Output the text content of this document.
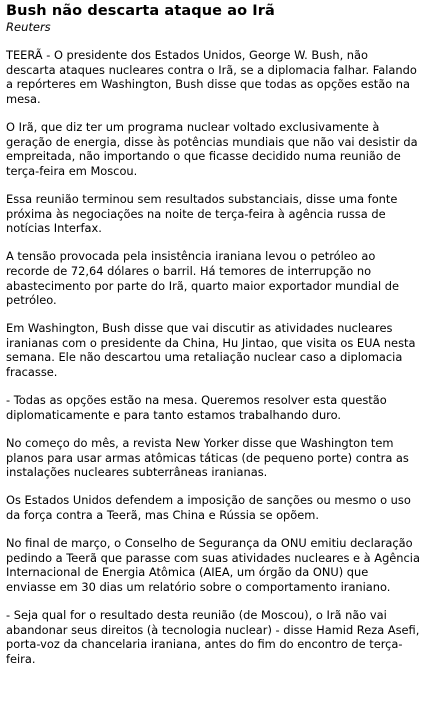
Bush não descarta ataque ao Irã
Reuters

TEERÃ - O presidente dos Estados Unidos, George W. Bush, não descarta ataques nucleares contra o Irã, se a diplomacia falhar. Falando a repórteres em Washington, Bush disse que todas as opções estão na mesa.

O Irã, que diz ter um programa nuclear voltado exclusivamente à geração de energia, disse às potências mundiais que não vai desistir da empreitada, não importando o que ficasse decidido numa reunião de terça-feira em Moscou.

Essa reunião terminou sem resultados substanciais, disse uma fonte próxima às negociações na noite de terça-feira à agência russa de notícias Interfax.

A tensão provocada pela insistência iraniana levou o petróleo ao recorde de 72,64 dólares o barril. Há temores de interrupção no abastecimento por parte do Irã, quarto maior exportador mundial de petróleo.

Em Washington, Bush disse que vai discutir as atividades nucleares iranianas com o presidente da China, Hu Jintao, que visita os EUA nesta semana. Ele não descartou uma retaliação nuclear caso a diplomacia fracasse.

- Todas as opções estão na mesa. Queremos resolver esta questão diplomaticamente e para tanto estamos trabalhando duro.

No começo do mês, a revista New Yorker disse que Washington tem planos para usar armas atômicas táticas (de pequeno porte) contra as instalações nucleares subterrâneas iranianas.

Os Estados Unidos defendem a imposição de sanções ou mesmo o uso da força contra a Teerã, mas China e Rússia se opõem.

No final de março, o Conselho de Segurança da ONU emitiu declaração pedindo a Teerã que parasse com suas atividades nucleares e à Agência Internacional de Energia Atômica (AIEA, um órgão da ONU) que enviasse em 30 dias um relatório sobre o comportamento iraniano.

- Seja qual for o resultado desta reunião (de Moscou), o Irã não vai abandonar seus direitos (à tecnologia nuclear) - disse Hamid Reza Asefi, porta-voz da chancelaria iraniana, antes do fim do encontro de terça-feira.
